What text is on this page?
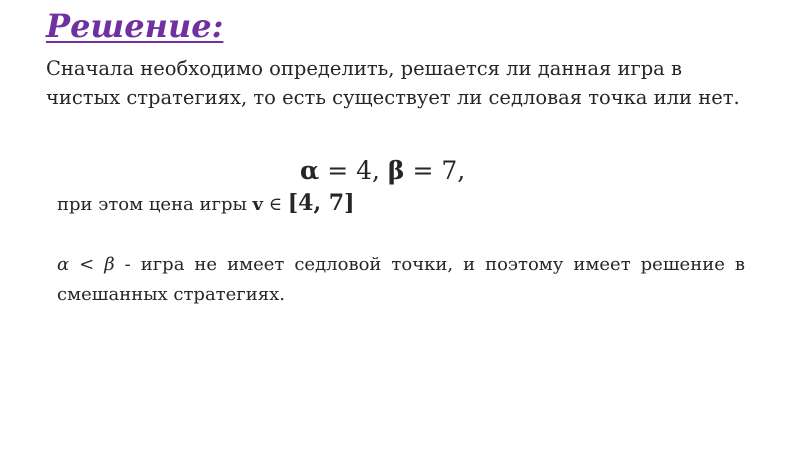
Решение:

Сначала необходимо определить, решается ли данная игра в чистых стратегиях, то есть существует ли седловая точка или нет.

α = 4, β = 7,
при этом цена игры v ∈ [4, 7]

α < β - игра не имеет седловой точки, и поэтому имеет решение в смешанных стратегиях.
